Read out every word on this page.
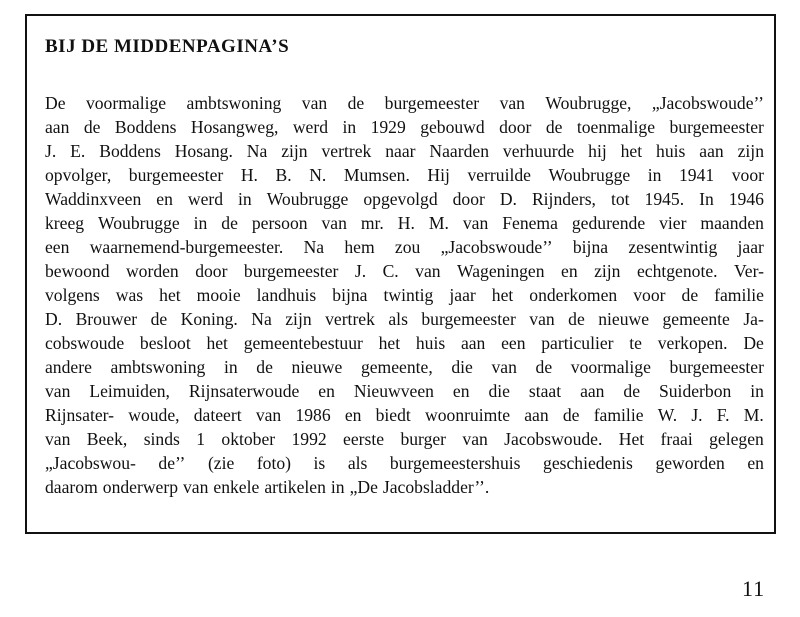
BIJ DE MIDDENPAGINA’S
De voormalige ambtswoning van de burgemeester van Woubrugge, „Jacobswoude’’
aan de Boddens Hosangweg, werd in 1929 gebouwd door de toenmalige burgemeester
J. E. Boddens Hosang. Na zijn vertrek naar Naarden verhuurde hij het huis aan zijn
opvolger, burgemeester H. B. N. Mumsen. Hij verruilde Woubrugge in 1941 voor
Waddinxveen en werd in Woubrugge opgevolgd door D. Rijnders, tot 1945. In 1946
kreeg Woubrugge in de persoon van mr. H. M. van Fenema gedurende vier maanden
een waarnemend-burgemeester. Na hem zou „Jacobswoude’’ bijna zesentwintig jaar
bewoond worden door burgemeester J. C. van Wageningen en zijn echtgenote. Ver-
volgens was het mooie landhuis bijna twintig jaar het onderkomen voor de familie
D. Brouwer de Koning. Na zijn vertrek als burgemeester van de nieuwe gemeente Ja-
cobswoude besloot het gemeentebestuur het huis aan een particulier te verkopen. De
andere ambtswoning in de nieuwe gemeente, die van de voormalige burgemeester
van Leimuiden, Rijnsaterwoude en Nieuwveen en die staat aan de Suiderbon in
Rijnsater- woude, dateert van 1986 en biedt woonruimte aan de familie W. J. F. M.
van Beek, sinds 1 oktober 1992 eerste burger van Jacobswoude. Het fraai gelegen
„Jacobswou- de’’ (zie foto) is als burgemeestershuis geschiedenis geworden en
daarom onderwerp van enkele artikelen in „De Jacobsladder’’.
11
